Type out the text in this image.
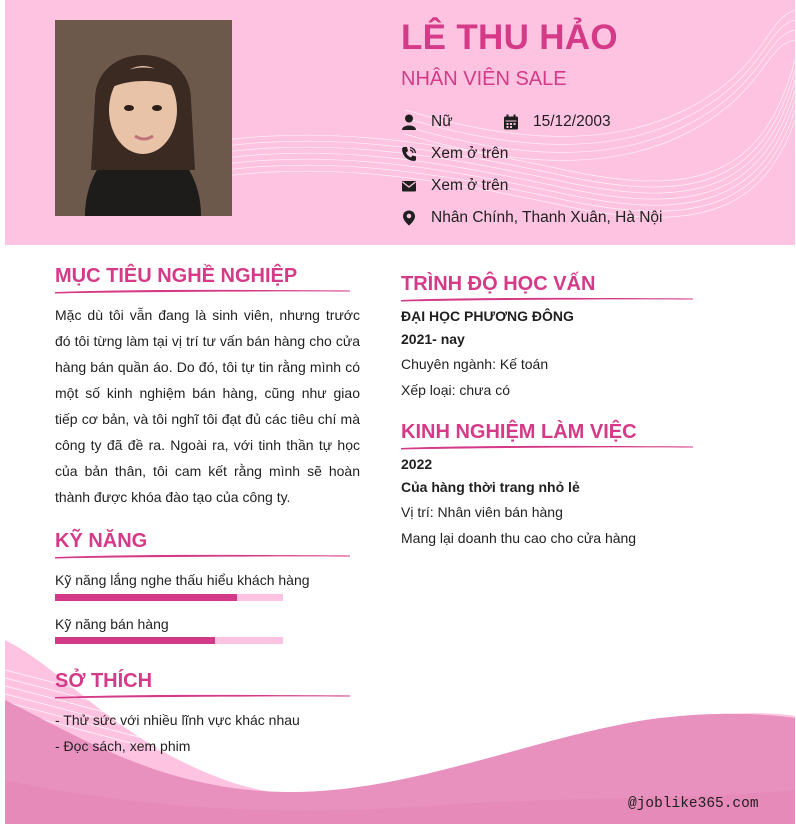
LÊ THU HẢO
NHÂN VIÊN SALE
Nữ	15/12/2003
Xem ở trên
Xem ở trên
Nhân Chính, Thanh Xuân, Hà Nội
MỤC TIÊU NGHỀ NGHIỆP

Mặc dù tôi vẫn đang là sinh viên, nhưng trước đó tôi từng làm tại vị trí tư vấn bán hàng cho cửa hàng bán quần áo. Do đó, tôi tự tin rằng mình có một số kinh nghiệm bán hàng, cũng như giao tiếp cơ bản, và tôi nghĩ tôi đạt đủ các tiêu chí mà công ty đã đề ra. Ngoài ra, với tinh thần tự học của bản thân, tôi cam kết rằng mình sẽ hoàn thành được khóa đào tạo của công ty.

KỸ NĂNG
Kỹ năng lắng nghe thấu hiểu khách hàng
Kỹ năng bán hàng
SỞ THÍCH
- Thử sức với nhiều lĩnh vực khác nhau
- Đọc sách, xem phim
TRÌNH ĐỘ HỌC VẤN
ĐẠI HỌC PHƯƠNG ĐÔNG
2021- nay
Chuyên ngành: Kế toán
Xếp loại: chưa có
KINH NGHIỆM LÀM VIỆC
2022
Của hàng thời trang nhỏ lẻ
Vị trí: Nhân viên bán hàng
Mang lại doanh thu cao cho cửa hàng
@joblike365.com
